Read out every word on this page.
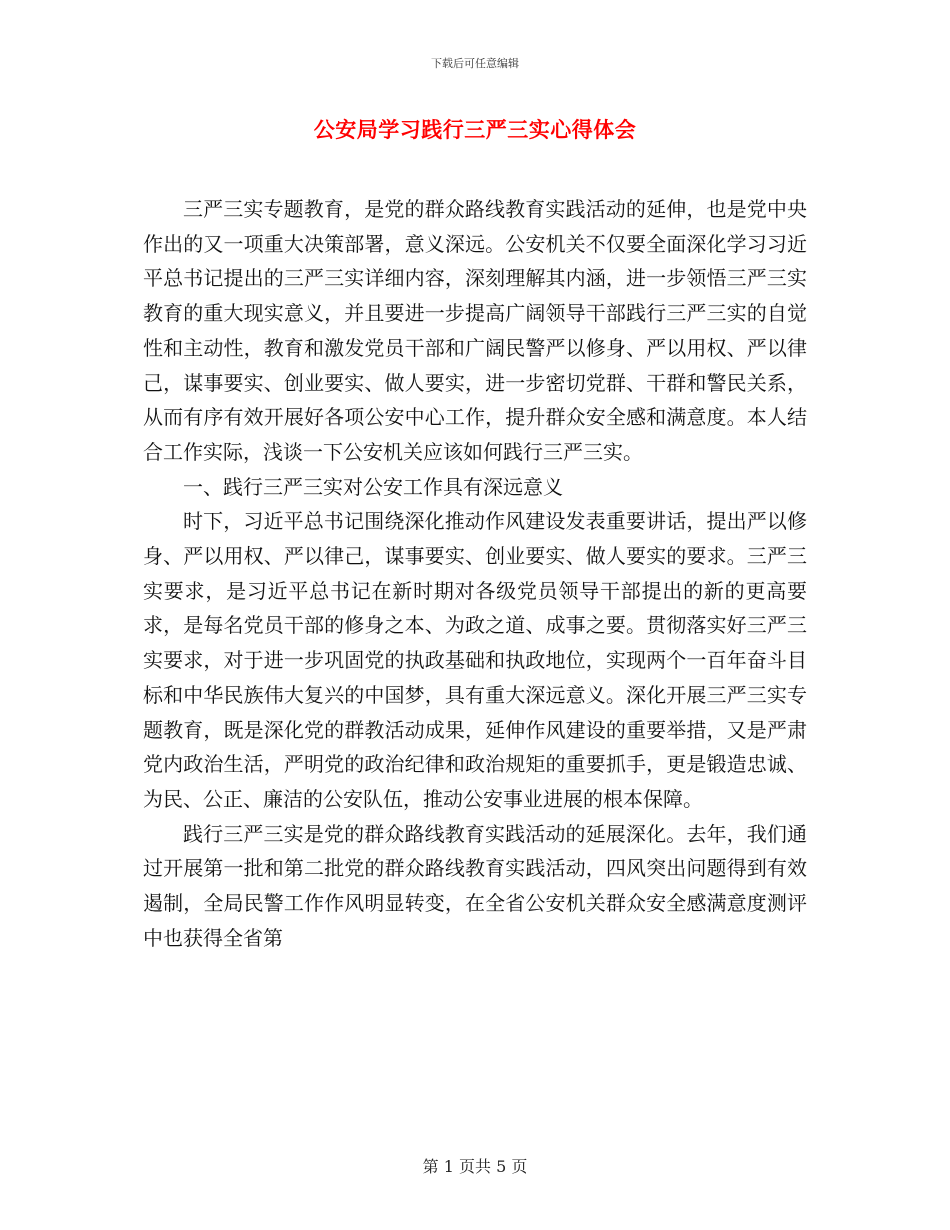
下载后可任意编辑
公安局学习践行三严三实心得体会

三严三实专题教育，是党的群众路线教育实践活动的延伸，也是党中央作出的又一项重大决策部署，意义深远。公安机关不仅要全面深化学习习近平总书记提出的三严三实详细内容，深刻理解其内涵，进一步领悟三严三实教育的重大现实意义，并且要进一步提高广阔领导干部践行三严三实的自觉性和主动性，教育和激发党员干部和广阔民警严以修身、严以用权、严以律己，谋事要实、创业要实、做人要实，进一步密切党群、干群和警民关系，从而有序有效开展好各项公安中心工作，提升群众安全感和满意度。本人结合工作实际，浅谈一下公安机关应该如何践行三严三实。

一、践行三严三实对公安工作具有深远意义

时下，习近平总书记围绕深化推动作风建设发表重要讲话，提出严以修身、严以用权、严以律己，谋事要实、创业要实、做人要实的要求。三严三实要求，是习近平总书记在新时期对各级党员领导干部提出的新的更高要求，是每名党员干部的修身之本、为政之道、成事之要。贯彻落实好三严三实要求，对于进一步巩固党的执政基础和执政地位，实现两个一百年奋斗目标和中华民族伟大复兴的中国梦，具有重大深远意义。深化开展三严三实专题教育，既是深化党的群教活动成果，延伸作风建设的重要举措，又是严肃党内政治生活，严明党的政治纪律和政治规矩的重要抓手，更是锻造忠诚、为民、公正、廉洁的公安队伍，推动公安事业进展的根本保障。

践行三严三实是党的群众路线教育实践活动的延展深化。去年，我们通过开展第一批和第二批党的群众路线教育实践活动，四风突出问题得到有效遏制，全局民警工作作风明显转变，在全省公安机关群众安全感满意度测评中也获得全省第

第 1 页共 5 页
